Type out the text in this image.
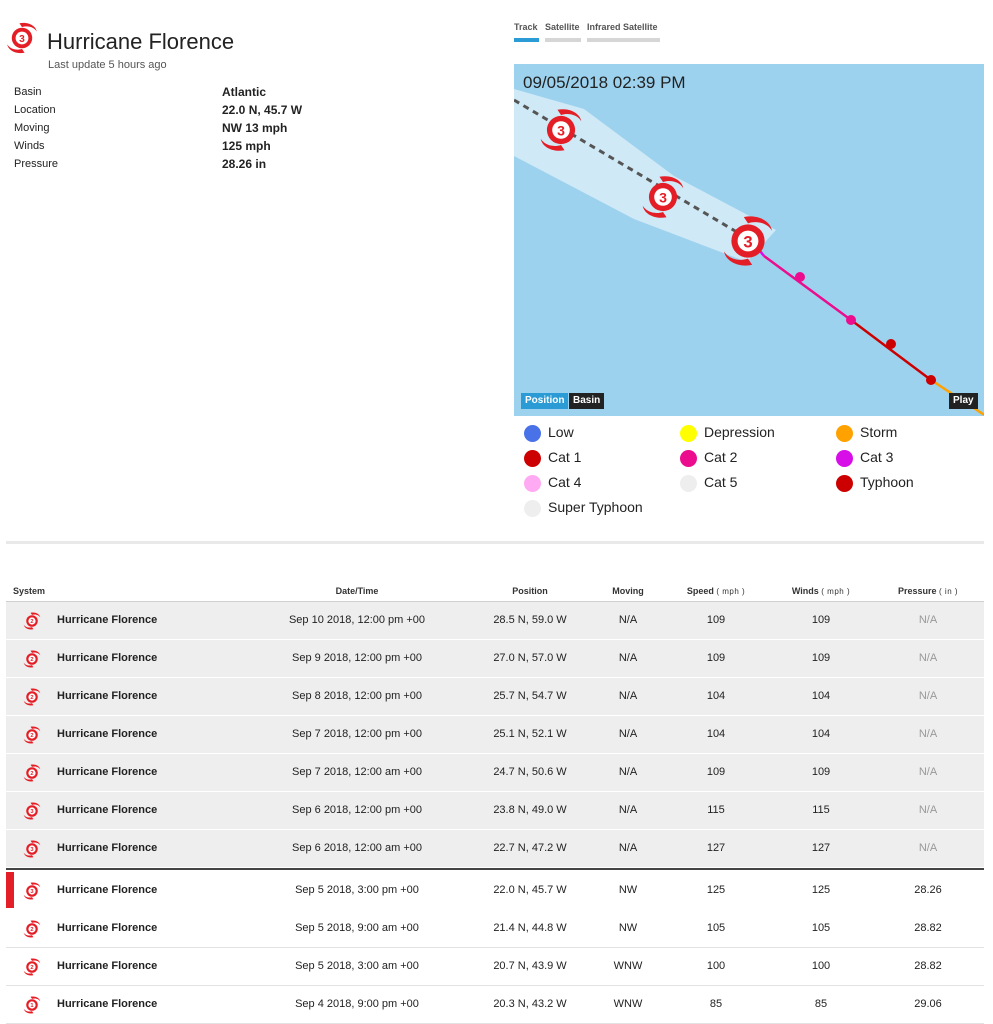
3 Hurricane Florence
Last update 5 hours ago
Basin	Atlantic
Location	22.0 N, 45.7 W
Moving	NW 13 mph
Winds	125 mph
Pressure	28.26 in
Track Satellite Infrared Satellite
3
3
3
09/05/2018 02:39 PM
Position Basin	Play
Low	Depression	Storm
Cat 1	Cat 2	Cat 3
Cat 4	Cat 5	Typhoon
Super Typhoon
System	Date/Time	Position	Moving	Speed ( mph )	Winds ( mph )	Pressure ( in )
2 Hurricane Florence	Sep 10 2018, 12:00 pm +00	28.5 N, 59.0 W	N/A	109	109	N/A
2 Hurricane Florence	Sep 9 2018, 12:00 pm +00	27.0 N, 57.0 W	N/A	109	109	N/A
2 Hurricane Florence	Sep 8 2018, 12:00 pm +00	25.7 N, 54.7 W	N/A	104	104	N/A
2 Hurricane Florence	Sep 7 2018, 12:00 pm +00	25.1 N, 52.1 W	N/A	104	104	N/A
2 Hurricane Florence	Sep 7 2018, 12:00 am +00	24.7 N, 50.6 W	N/A	109	109	N/A
3 Hurricane Florence	Sep 6 2018, 12:00 pm +00	23.8 N, 49.0 W	N/A	115	115	N/A
3 Hurricane Florence	Sep 6 2018, 12:00 am +00	22.7 N, 47.2 W	N/A	127	127	N/A
3 Hurricane Florence	Sep 5 2018, 3:00 pm +00	22.0 N, 45.7 W	NW	125	125	28.26
2 Hurricane Florence	Sep 5 2018, 9:00 am +00	21.4 N, 44.8 W	NW	105	105	28.82
2 Hurricane Florence	Sep 5 2018, 3:00 am +00	20.7 N, 43.9 W	WNW	100	100	28.82
1 Hurricane Florence	Sep 4 2018, 9:00 pm +00	20.3 N, 43.2 W	WNW	85	85	29.06
